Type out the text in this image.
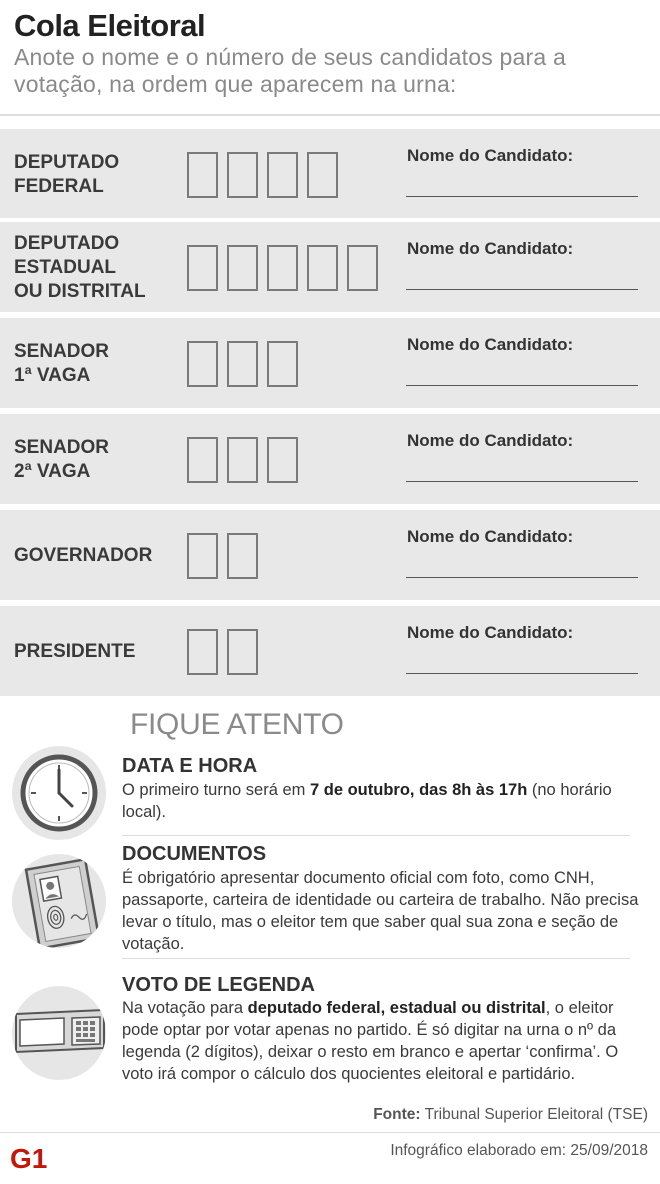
Cola Eleitoral
Anote o nome e o número de seus candidatos para a votação, na ordem que aparecem na urna:
DEPUTADO
FEDERAL
Nome do Candidato:
DEPUTADO
ESTADUAL
OU DISTRITAL
Nome do Candidato:
SENADOR
1ª VAGA
Nome do Candidato:
SENADOR
2ª VAGA
Nome do Candidato:
GOVERNADOR
Nome do Candidato:
PRESIDENTE
Nome do Candidato:
FIQUE ATENTO
DATA E HORA
O primeiro turno será em 7 de outubro, das 8h às 17h (no horário local).
DOCUMENTOS
É obrigatório apresentar documento oficial com foto, como CNH, passaporte, carteira de identidade ou carteira de trabalho. Não precisa levar o título, mas o eleitor tem que saber qual sua zona e seção de votação.
VOTO DE LEGENDA
Na votação para deputado federal, estadual ou distrital, o eleitor pode optar por votar apenas no partido. É só digitar na urna o nº da legenda (2 dígitos), deixar o resto em branco e apertar ‘confirma’. O voto irá compor o cálculo dos quocientes eleitoral e partidário.
Fonte: Tribunal Superior Eleitoral (TSE)
G1	Infográfico elaborado em: 25/09/2018
